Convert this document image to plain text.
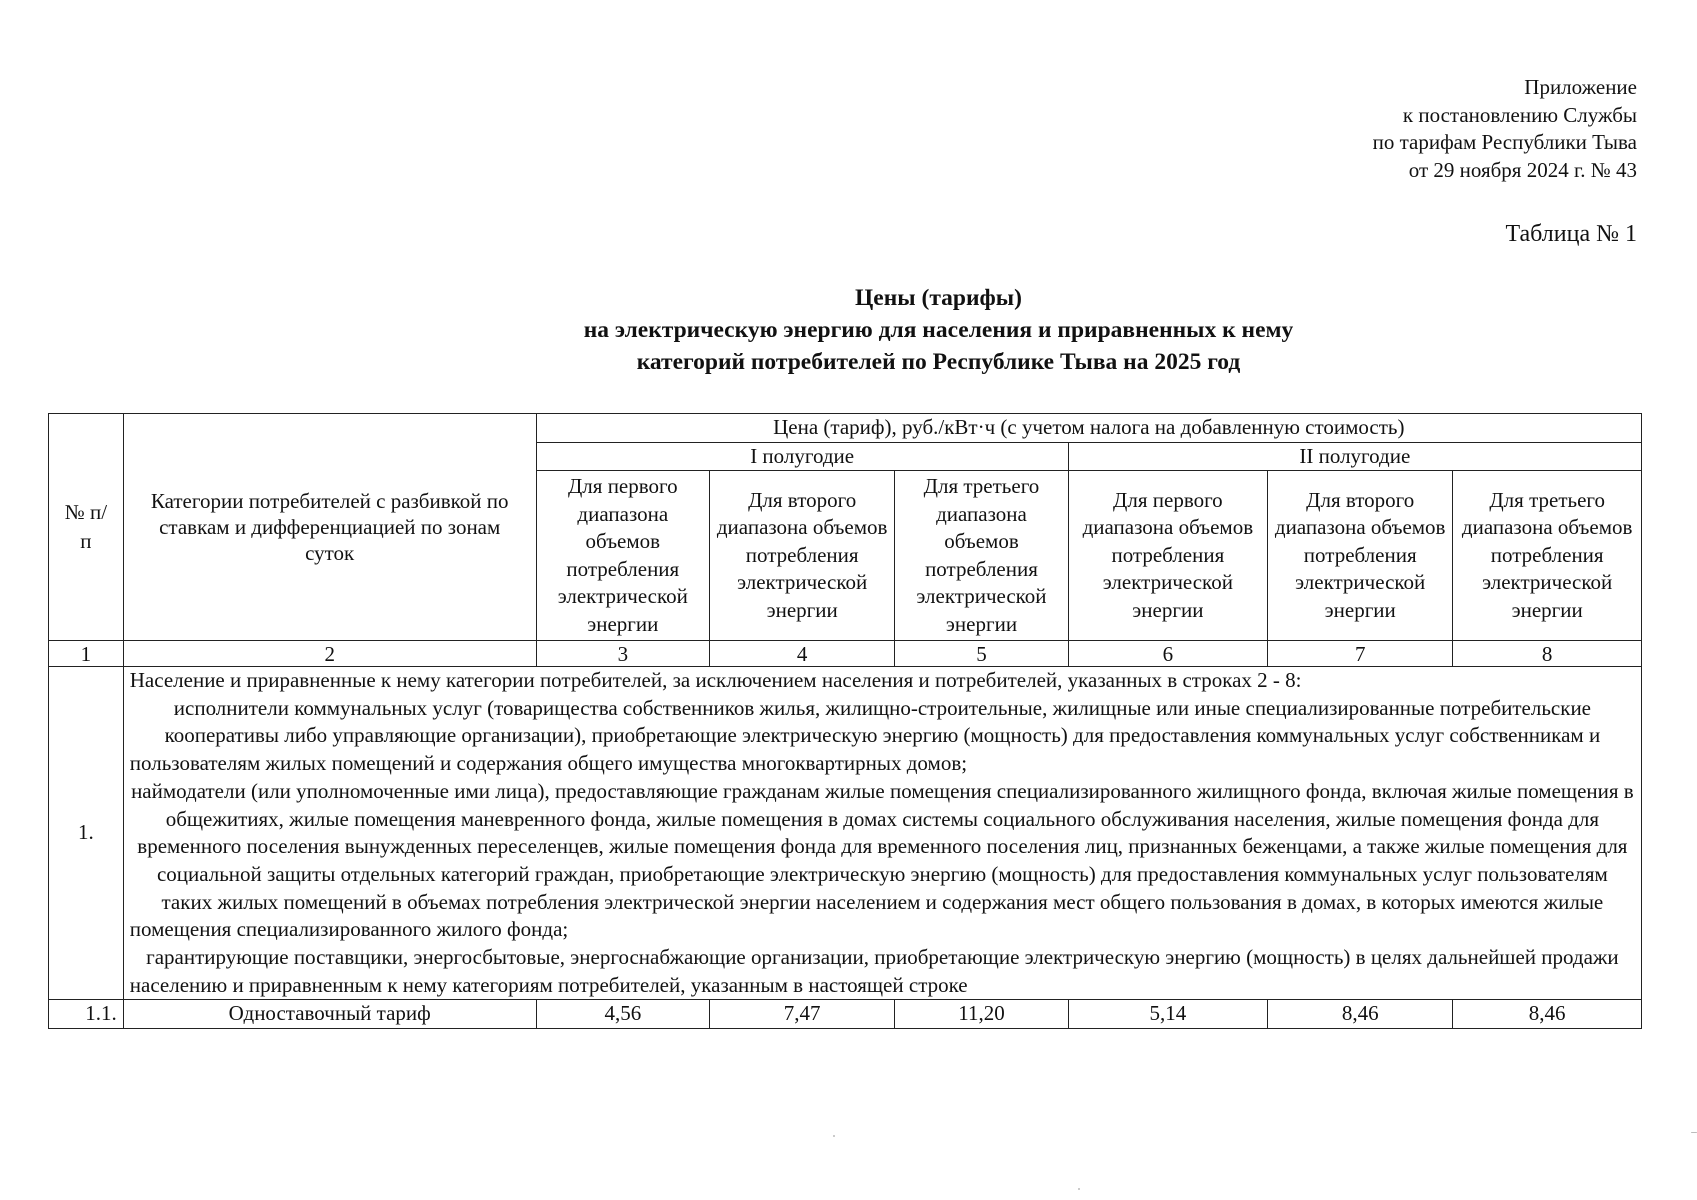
Приложение
к постановлению Службы
по тарифам Республики Тыва
от 29 ноября 2024 г. № 43
Таблица № 1
Цены (тарифы)
на электрическую энергию для населения и приравненных к нему
категорий потребителей по Республике Тыва на 2025 год
№ п/п	Категории потребителей с разбивкой по ставкам и дифференциацией по зонам суток	Цена (тариф), руб./кВт·ч (с учетом налога на добавленную стоимость)					
		I полугодие			II полугодие		
		Для первого диапазона объемов потребления электрической энергии	Для второго диапазона объемов потребления электрической энергии	Для третьего диапазона объемов потребления электрической энергии	Для первого диапазона объемов потребления электрической энергии	Для второго диапазона объемов потребления электрической энергии	Для третьего диапазона объемов потребления электрической энергии
1	2	3	4	5	6	7	8
1.	Население и приравненные к нему категории потребителей, за исключением населения и потребителей, указанных в строках 2 - 8:
исполнители коммунальных услуг (товарищества собственников жилья, жилищно-строительные, жилищные или иные специализированные потребительские кооперативы либо управляющие организации), приобретающие электрическую энергию (мощность) для предоставления коммунальных услуг собственникам и пользователям жилых помещений и содержания общего имущества многоквартирных домов;
наймодатели (или уполномоченные ими лица), предоставляющие гражданам жилые помещения специализированного жилищного фонда, включая жилые помещения в общежитиях, жилые помещения маневренного фонда, жилые помещения в домах системы социального обслуживания населения, жилые помещения фонда для временного поселения вынужденных переселенцев, жилые помещения фонда для временного поселения лиц, признанных беженцами, а также жилые помещения для социальной защиты отдельных категорий граждан, приобретающие электрическую энергию (мощность) для предоставления коммунальных услуг пользователям таких жилых помещений в объемах потребления электрической энергии населением и содержания мест общего пользования в домах, в которых имеются жилые помещения специализированного жилого фонда;
гарантирующие поставщики, энергосбытовые, энергоснабжающие организации, приобретающие электрическую энергию (мощность) в целях дальнейшей продажи населению и приравненным к нему категориям потребителей, указанным в настоящей строке						

1.1.	Одноставочный тариф	4,56	7,47	11,20	5,14	8,46	8,46
